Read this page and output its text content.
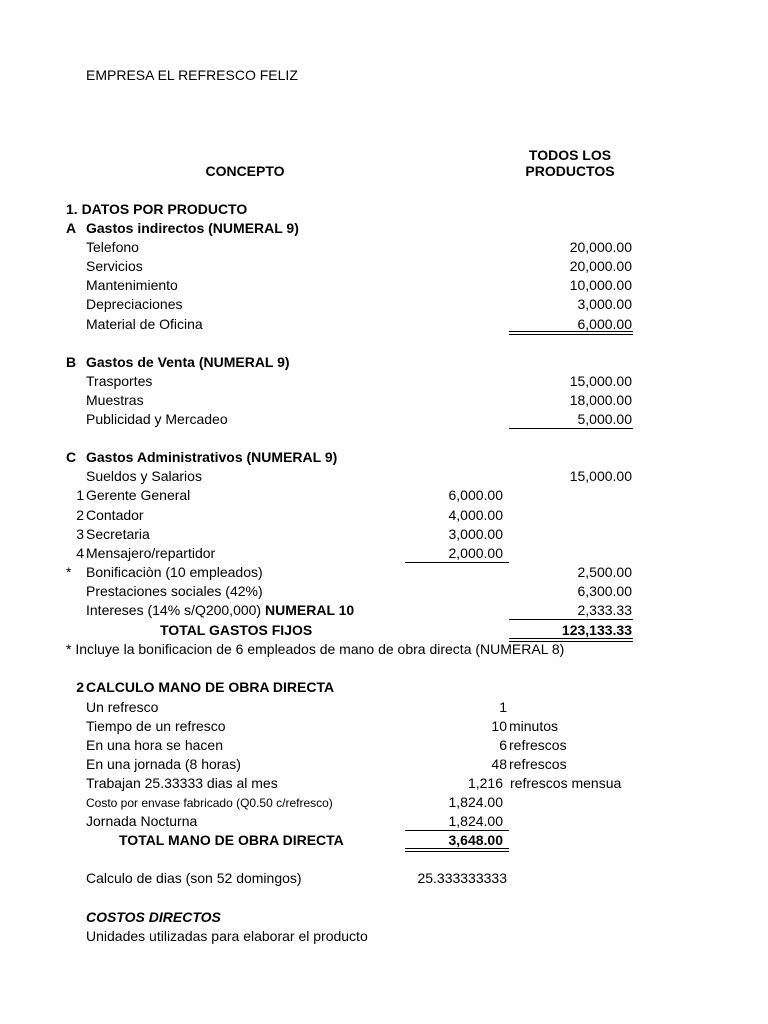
EMPRESA EL REFRESCO FELIZ
CONCEPTO
TODOS LOS
PRODUCTOS
1. DATOS POR PRODUCTO
A Gastos indirectos (NUMERAL 9)
Telefono	20,000.00
Servicios	20,000.00
Mantenimiento	10,000.00
Depreciaciones	3,000.00
Material de Oficina	6,000.00
B Gastos de Venta (NUMERAL 9)
Trasportes	15,000.00
Muestras	18,000.00
Publicidad y Mercadeo	5,000.00
C Gastos Administrativos (NUMERAL 9)
Sueldos y Salarios	15,000.00
1 Gerente General	6,000.00
2 Contador	4,000.00
3 Secretaria	3,000.00
4 Mensajero/repartidor	2,000.00
* Bonificaciòn (10 empleados)	2,500.00
Prestaciones sociales (42%)	6,300.00
Intereses (14% s/Q200,000) NUMERAL 10	2,333.33
TOTAL GASTOS FIJOS	123,133.33
* Incluye la bonificacion de 6 empleados de mano de obra directa (NUMERAL 8)
2 CALCULO MANO DE OBRA DIRECTA
Un refresco	1
Tiempo de un refresco	10 minutos
En una hora se hacen	6 refrescos
En una jornada (8 horas)	48 refrescos
Trabajan 25.33333 dias al mes	1,216 refrescos mensua
Costo por envase fabricado (Q0.50 c/refresco)	1,824.00
Jornada Nocturna	1,824.00
TOTAL MANO DE OBRA DIRECTA	3,648.00
Calculo de dias (son 52 domingos)	25.333333333
COSTOS DIRECTOS
Unidades utilizadas para elaborar el producto
